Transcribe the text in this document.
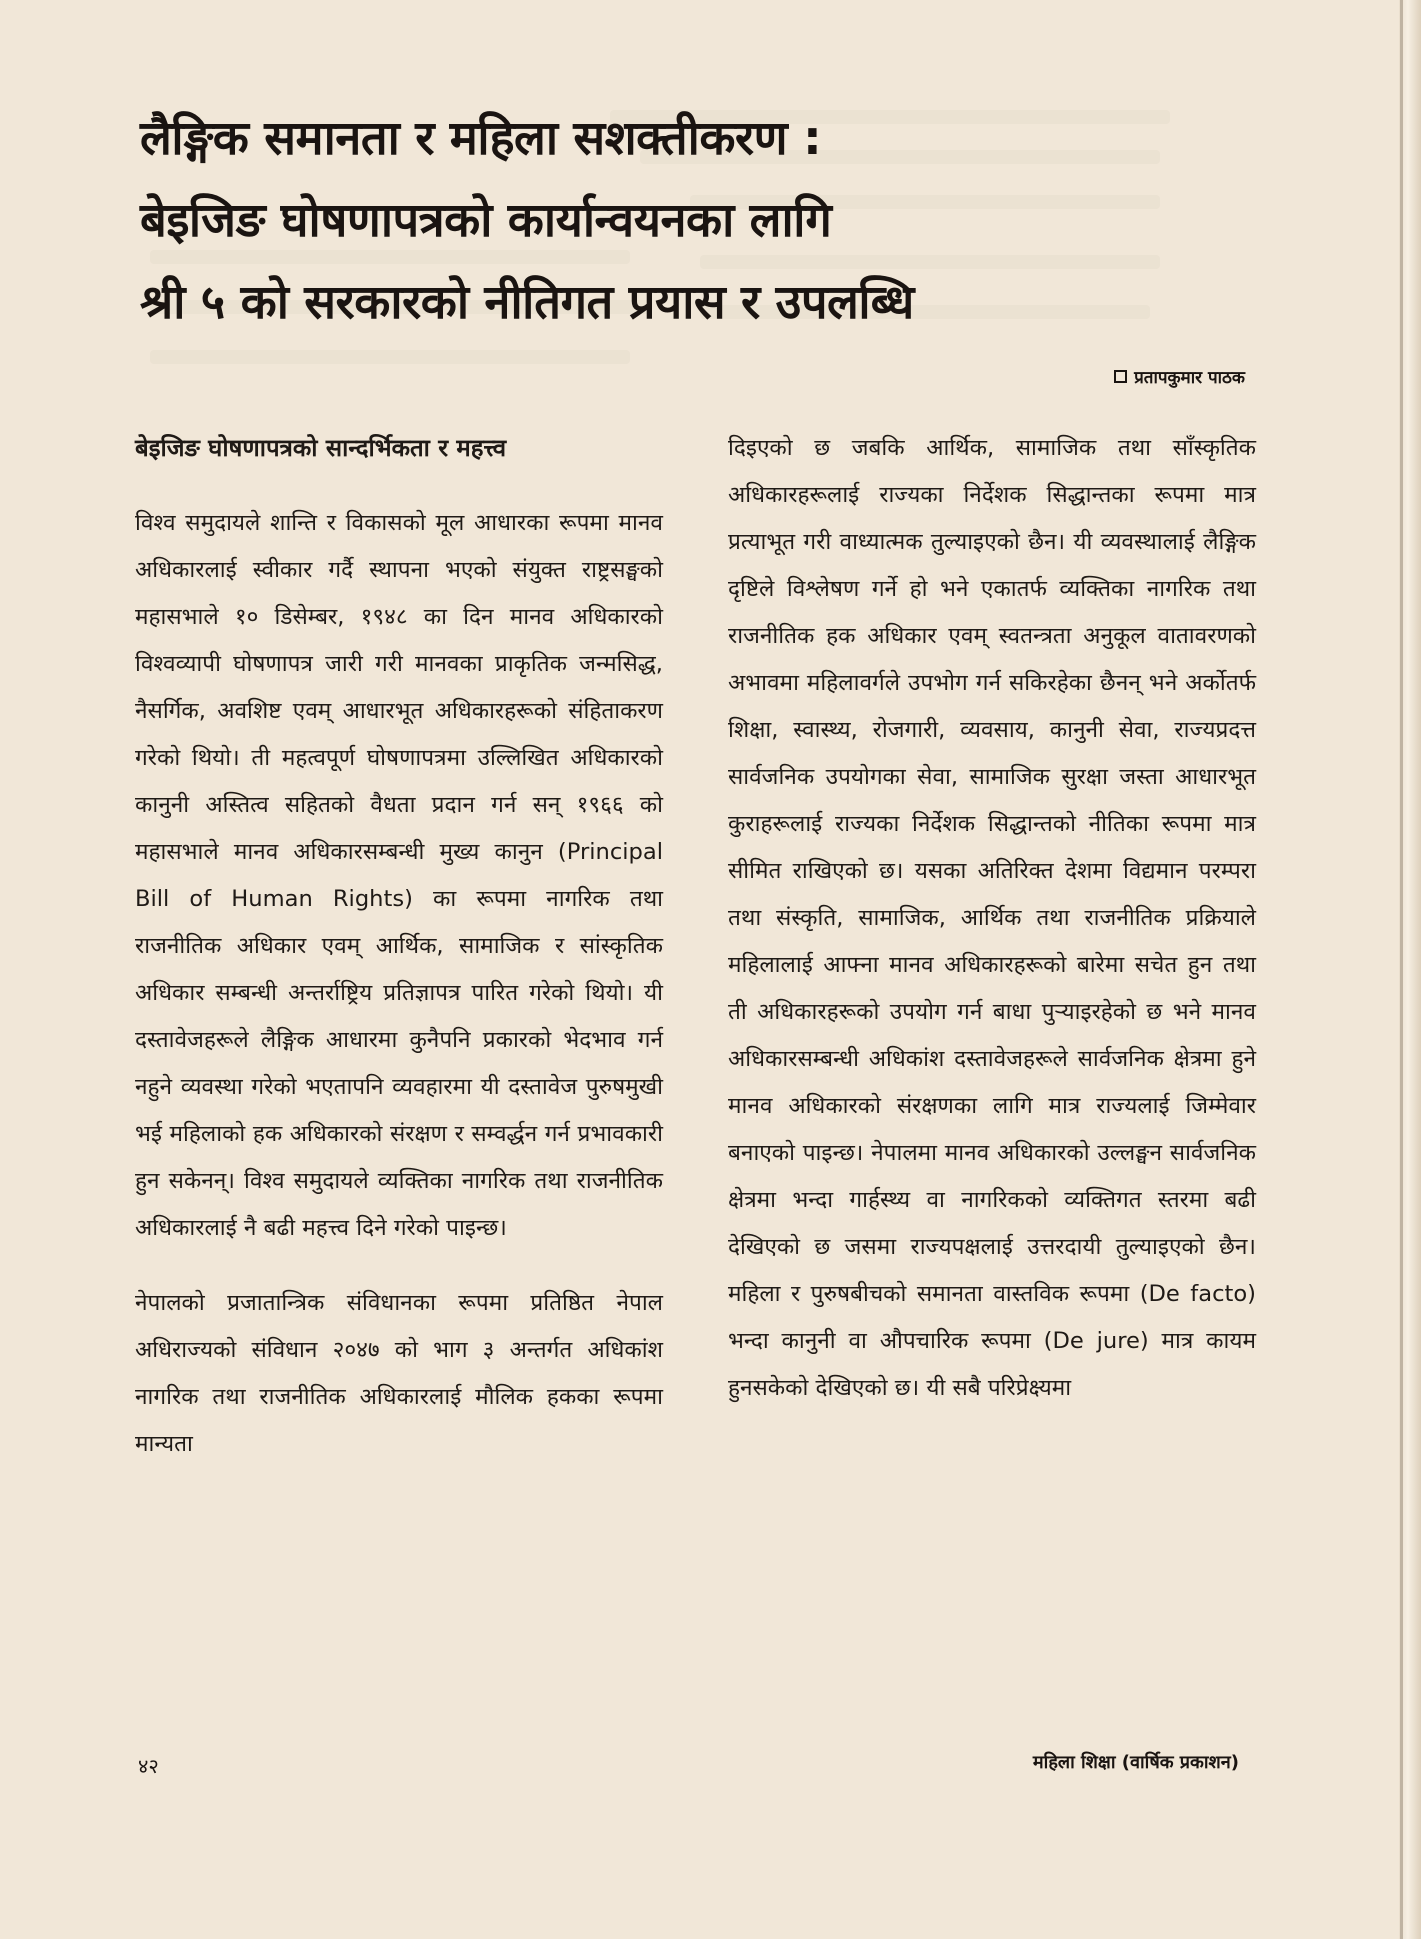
लैङ्गिक समानता र महिला सशक्तीकरण :
बेइजिङ घोषणापत्रको कार्यान्वयनका लागि
श्री ५ को सरकारको नीतिगत प्रयास र उपलब्धि
प्रतापकुमार पाठक

बेइजिङ घोषणापत्रको सान्दर्भिकता र महत्त्व

विश्व समुदायले शान्ति र विकासको मूल आधारका रूपमा मानव अधिकारलाई स्वीकार गर्दै स्थापना भएको संयुक्त राष्ट्रसङ्घको महासभाले १० डिसेम्बर, १९४८ का दिन मानव अधिकारको विश्वव्यापी घोषणापत्र जारी गरी मानवका प्राकृतिक जन्मसिद्ध, नैसर्गिक, अवशिष्ट एवम् आधारभूत अधिकारहरूको संहिताकरण गरेको थियो। ती महत्वपूर्ण घोषणापत्रमा उल्लिखित अधिकारको कानुनी अस्तित्व सहितको वैधता प्रदान गर्न सन् १९६६ को महासभाले मानव अधिकारसम्बन्धी मुख्य कानुन (Principal Bill of Human Rights) का रूपमा नागरिक तथा राजनीतिक अधिकार एवम् आर्थिक, सामाजिक र सांस्कृतिक अधिकार सम्बन्धी अन्तर्राष्ट्रिय प्रतिज्ञापत्र पारित गरेको थियो। यी दस्तावेजहरूले लैङ्गिक आधारमा कुनैपनि प्रकारको भेदभाव गर्न नहुने व्यवस्था गरेको भएतापनि व्यवहारमा यी दस्तावेज पुरुषमुखी भई महिलाको हक अधिकारको संरक्षण र सम्वर्द्धन गर्न प्रभावकारी हुन सकेनन्। विश्व समुदायले व्यक्तिका नागरिक तथा राजनीतिक अधिकारलाई नै बढी महत्त्व दिने गरेको पाइन्छ।

नेपालको प्रजातान्त्रिक संविधानका रूपमा प्रतिष्ठित नेपाल अधिराज्यको संविधान २०४७ को भाग ३ अन्तर्गत अधिकांश नागरिक तथा राजनीतिक अधिकारलाई मौलिक हकका रूपमा मान्यता

दिइएको छ जबकि आर्थिक, सामाजिक तथा साँस्कृतिक अधिकारहरूलाई राज्यका निर्देशक सिद्धान्तका रूपमा मात्र प्रत्याभूत गरी वाध्यात्मक तुल्याइएको छैन। यी व्यवस्थालाई लैङ्गिक दृष्टिले विश्लेषण गर्ने हो भने एकातर्फ व्यक्तिका नागरिक तथा राजनीतिक हक अधिकार एवम् स्वतन्त्रता अनुकूल वातावरणको अभावमा महिलावर्गले उपभोग गर्न सकिरहेका छैनन् भने अर्कोतर्फ शिक्षा, स्वास्थ्य, रोजगारी, व्यवसाय, कानुनी सेवा, राज्यप्रदत्त सार्वजनिक उपयोगका सेवा, सामाजिक सुरक्षा जस्ता आधारभूत कुराहरूलाई राज्यका निर्देशक सिद्धान्तको नीतिका रूपमा मात्र सीमित राखिएको छ। यसका अतिरिक्त देशमा विद्यमान परम्परा तथा संस्कृति, सामाजिक, आर्थिक तथा राजनीतिक प्रक्रियाले महिलालाई आफ्ना मानव अधिकारहरूको बारेमा सचेत हुन तथा ती अधिकारहरूको उपयोग गर्न बाधा पुऱ्याइरहेको छ भने मानव अधिकारसम्बन्धी अधिकांश दस्तावेजहरूले सार्वजनिक क्षेत्रमा हुने मानव अधिकारको संरक्षणका लागि मात्र राज्यलाई जिम्मेवार बनाएको पाइन्छ। नेपालमा मानव अधिकारको उल्लङ्घन सार्वजनिक क्षेत्रमा भन्दा गार्हस्थ्य वा नागरिकको व्यक्तिगत स्तरमा बढी देखिएको छ जसमा राज्यपक्षलाई उत्तरदायी तुल्याइएको छैन। महिला र पुरुषबीचको समानता वास्तविक रूपमा (De facto) भन्दा कानुनी वा औपचारिक रूपमा (De jure) मात्र कायम हुनसकेको देखिएको छ। यी सबै परिप्रेक्ष्यमा

४२	महिला शिक्षा (वार्षिक प्रकाशन)
